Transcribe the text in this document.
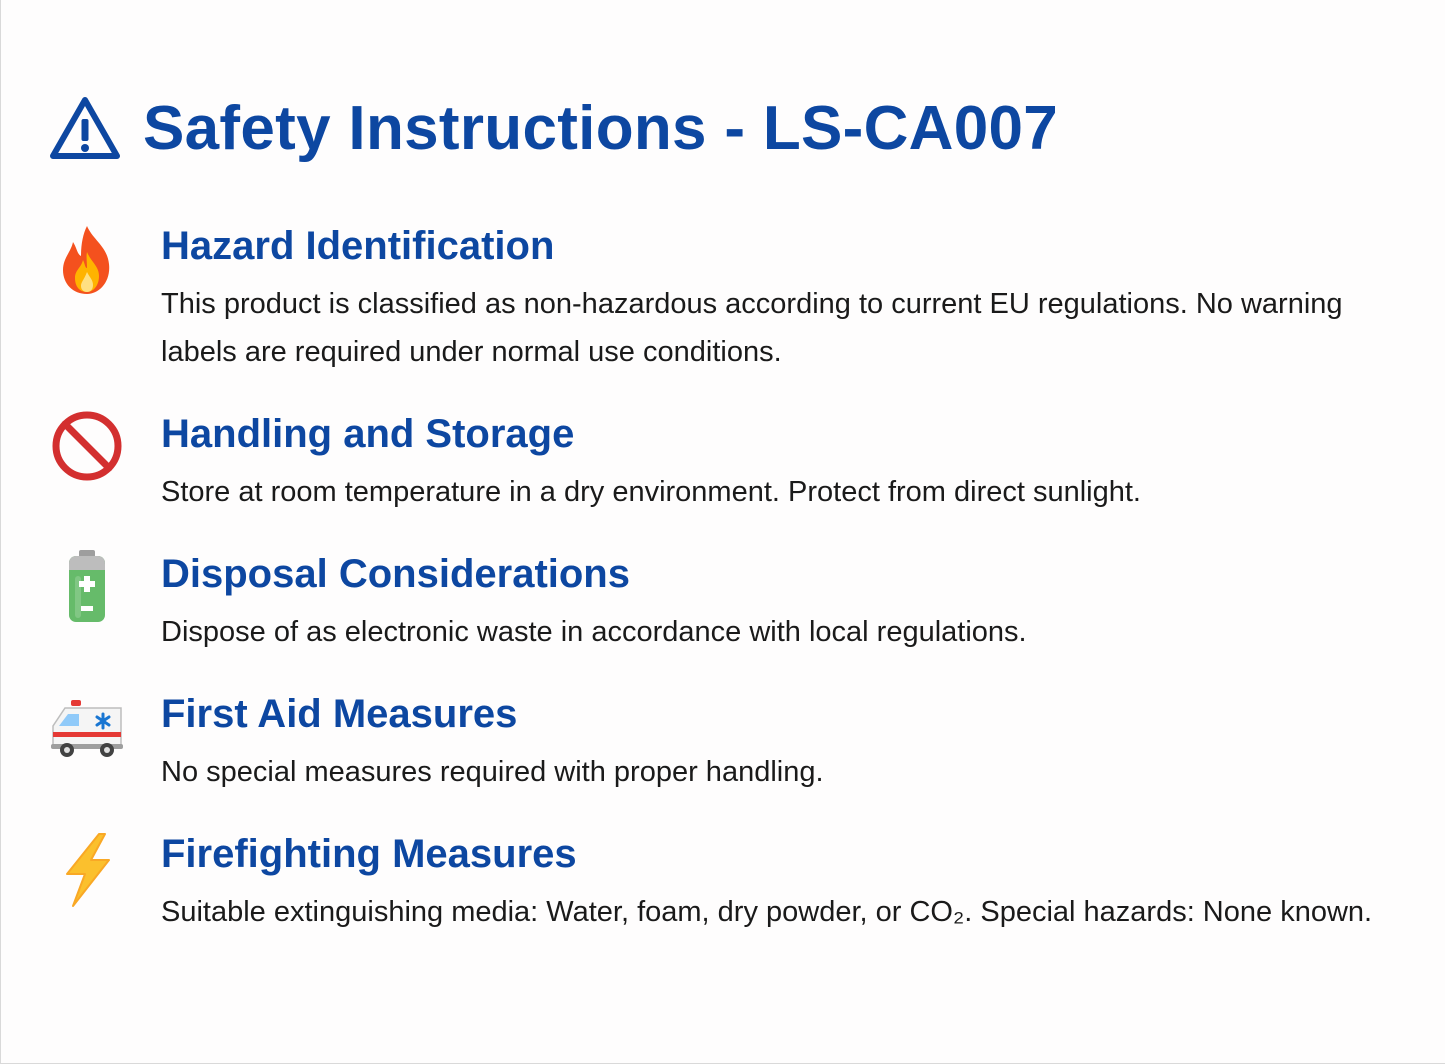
Safety Instructions - LS-CA007
Hazard Identification
This product is classified as non-hazardous according to current EU regulations. No warning labels are required under normal use conditions.
Handling and Storage
Store at room temperature in a dry environment. Protect from direct sunlight.
Disposal Considerations
Dispose of as electronic waste in accordance with local regulations.
First Aid Measures
No special measures required with proper handling.
Firefighting Measures
Suitable extinguishing media: Water, foam, dry powder, or CO₂. Special hazards: None known.
